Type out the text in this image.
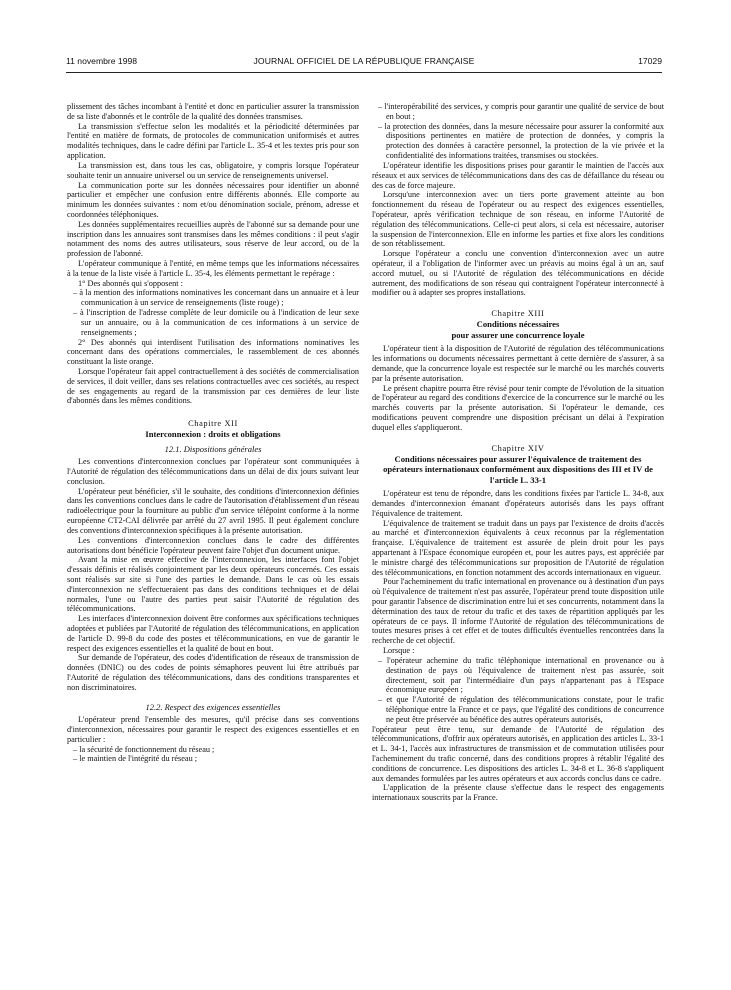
11 novembre 1998	JOURNAL OFFICIEL DE LA RÉPUBLIQUE FRANÇAISE	17029

plissement des tâches incombant à l'entité et donc en particulier assurer la transmission de sa liste d'abonnés et le contrôle de la qualité des données transmises.

La transmission s'effectue selon les modalités et la périodicité déterminées par l'entité en matière de formats, de protocoles de communication uniformisés et autres modalités techniques, dans le cadre défini par l'article L. 35-4 et les textes pris pour son application.

La transmission est, dans tous les cas, obligatoire, y compris lorsque l'opérateur souhaite tenir un annuaire universel ou un service de renseignements universel.

La communication porte sur les données nécessaires pour identifier un abonné particulier et empêcher une confusion entre différents abonnés. Elle comporte au minimum les données suivantes : nom et/ou dénomination sociale, prénom, adresse et coordonnées téléphoniques.

Les données supplémentaires recueillies auprès de l'abonné sur sa demande pour une inscription dans les annuaires sont transmises dans les mêmes conditions : il peut s'agir notamment des noms des autres utilisateurs, sous réserve de leur accord, ou de la profession de l'abonné.

L'opérateur communique à l'entité, en même temps que les informations nécessaires à la tenue de la liste visée à l'article L. 35-4, les éléments permettant le repérage :

1° Des abonnés qui s'opposent :

– à la mention des informations nominatives les concernant dans un annuaire et à leur communication à un service de renseignements (liste rouge) ;

– à l'inscription de l'adresse complète de leur domicile ou à l'indication de leur sexe sur un annuaire, ou à la communication de ces informations à un service de renseignements ;

2° Des abonnés qui interdisent l'utilisation des informations nominatives les concernant dans des opérations commerciales, le rassemblement de ces abonnés constituant la liste orange.

Lorsque l'opérateur fait appel contractuellement à des sociétés de commercialisation de services, il doit veiller, dans ses relations contractuelles avec ces sociétés, au respect de ses engagements au regard de la transmission par ces dernières de leur liste d'abonnés dans les mêmes conditions.

Chapitre XII
Interconnexion : droits et obligations
12.1. Dispositions générales

Les conventions d'interconnexion conclues par l'opérateur sont communiquées à l'Autorité de régulation des télécommunications dans un délai de dix jours suivant leur conclusion.

L'opérateur peut bénéficier, s'il le souhaite, des conditions d'interconnexion définies dans les conventions conclues dans le cadre de l'autorisation d'établissement d'un réseau radioélectrique pour la fourniture au public d'un service télépoint conforme à la norme européenne CT2-CAI délivrée par arrêté du 27 avril 1995. Il peut également conclure des conventions d'interconnexion spécifiques à la présente autorisation.

Les conventions d'interconnexion conclues dans le cadre des différentes autorisations dont bénéficie l'opérateur peuvent faire l'objet d'un document unique.

Avant la mise en œuvre effective de l'interconnexion, les interfaces font l'objet d'essais définis et réalisés conjointement par les deux opérateurs concernés. Ces essais sont réalisés sur site si l'une des parties le demande. Dans le cas où les essais d'interconnexion ne s'effectueraient pas dans des conditions techniques et de délai normales, l'une ou l'autre des parties peut saisir l'Autorité de régulation des télécommunications.

Les interfaces d'interconnexion doivent être conformes aux spécifications techniques adoptées et publiées par l'Autorité de régulation des télécommunications, en application de l'article D. 99-8 du code des postes et télécommunications, en vue de garantir le respect des exigences essentielles et la qualité de bout en bout.

Sur demande de l'opérateur, des codes d'identification de réseaux de transmission de données (DNIC) ou des codes de points sémaphores peuvent lui être attribués par l'Autorité de régulation des télécommunications, dans des conditions transparentes et non discriminatoires.

12.2. Respect des exigences essentielles

L'opérateur prend l'ensemble des mesures, qu'il précise dans ses conventions d'interconnexion, nécessaires pour garantir le respect des exigences essentielles et en particulier :

– la sécurité de fonctionnement du réseau ;

– le maintien de l'intégrité du réseau ;

– l'interopérabilité des services, y compris pour garantir une qualité de service de bout en bout ;

– la protection des données, dans la mesure nécessaire pour assurer la conformité aux dispositions pertinentes en matière de protection de données, y compris la protection des données à caractère personnel, la protection de la vie privée et la confidentialité des informations traitées, transmises ou stockées.

L'opérateur identifie les dispositions prises pour garantir le maintien de l'accès aux réseaux et aux services de télécommunications dans des cas de défaillance du réseau ou des cas de force majeure.

Lorsqu'une interconnexion avec un tiers porte gravement atteinte au bon fonctionnement du réseau de l'opérateur ou au respect des exigences essentielles, l'opérateur, après vérification technique de son réseau, en informe l'Autorité de régulation des télécommunications. Celle-ci peut alors, si cela est nécessaire, autoriser la suspension de l'interconnexion. Elle en informe les parties et fixe alors les conditions de son rétablissement.

Lorsque l'opérateur a conclu une convention d'interconnexion avec un autre opérateur, il a l'obligation de l'informer avec un préavis au moins égal à un an, sauf accord mutuel, ou si l'Autorité de régulation des télécommunications en décide autrement, des modifications de son réseau qui contraignent l'opérateur interconnecté à modifier ou à adapter ses propres installations.

Chapitre XIII
Conditions nécessaires
pour assurer une concurrence loyale

L'opérateur tient à la disposition de l'Autorité de régulation des télécommunications les informations ou documents nécessaires permettant à cette dernière de s'assurer, à sa demande, que la concurrence loyale est respectée sur le marché ou les marchés couverts par la présente autorisation.

Le présent chapitre pourra être révisé pour tenir compte de l'évolution de la situation de l'opérateur au regard des conditions d'exercice de la concurrence sur le marché ou les marchés couverts par la présente autorisation. Si l'opérateur le demande, ces modifications peuvent comprendre une disposition précisant un délai à l'expiration duquel elles s'appliqueront.

Chapitre XIV
Conditions nécessaires pour assurer l'équivalence de traitement des opérateurs internationaux conformément aux dispositions des III et IV de l'article L. 33-1

L'opérateur est tenu de répondre, dans les conditions fixées par l'article L. 34-8, aux demandes d'interconnexion émanant d'opérateurs autorisés dans les pays offrant l'équivalence de traitement.

L'équivalence de traitement se traduit dans un pays par l'existence de droits d'accès au marché et d'interconnexion équivalents à ceux reconnus par la réglementation française. L'équivalence de traitement est assurée de plein droit pour les pays appartenant à l'Espace économique européen et, pour les autres pays, est appréciée par le ministre chargé des télécommunications sur proposition de l'Autorité de régulation des télécommunications, en fonction notamment des accords internationaux en vigueur.

Pour l'acheminement du trafic international en provenance ou à destination d'un pays où l'équivalence de traitement n'est pas assurée, l'opérateur prend toute disposition utile pour garantir l'absence de discrimination entre lui et ses concurrents, notamment dans la détermination des taux de retour du trafic et des taxes de répartition appliqués par les opérateurs de ce pays. Il informe l'Autorité de régulation des télécommunications de toutes mesures prises à cet effet et de toutes difficultés éventuelles rencontrées dans la recherche de cet objectif.

Lorsque :

– l'opérateur achemine du trafic téléphonique international en provenance ou à destination de pays où l'équivalence de traitement n'est pas assurée, soit directement, soit par l'intermédiaire d'un pays n'appartenant pas à l'Espace économique européen ;

– et que l'Autorité de régulation des télécommunications constate, pour le trafic téléphonique entre la France et ce pays, que l'égalité des conditions de concurrence ne peut être préservée au bénéfice des autres opérateurs autorisés,

l'opérateur peut être tenu, sur demande de l'Autorité de régulation des télécommunications, d'offrir aux opérateurs autorisés, en application des articles L. 33-1 et L. 34-1, l'accès aux infrastructures de transmission et de commutation utilisées pour l'acheminement du trafic concerné, dans des conditions propres à rétablir l'égalité des conditions de concurrence. Les dispositions des articles L. 34-8 et L. 36-8 s'appliquent aux demandes formulées par les autres opérateurs et aux accords conclus dans ce cadre.

L'application de la présente clause s'effectue dans le respect des engagements internationaux souscrits par la France.
